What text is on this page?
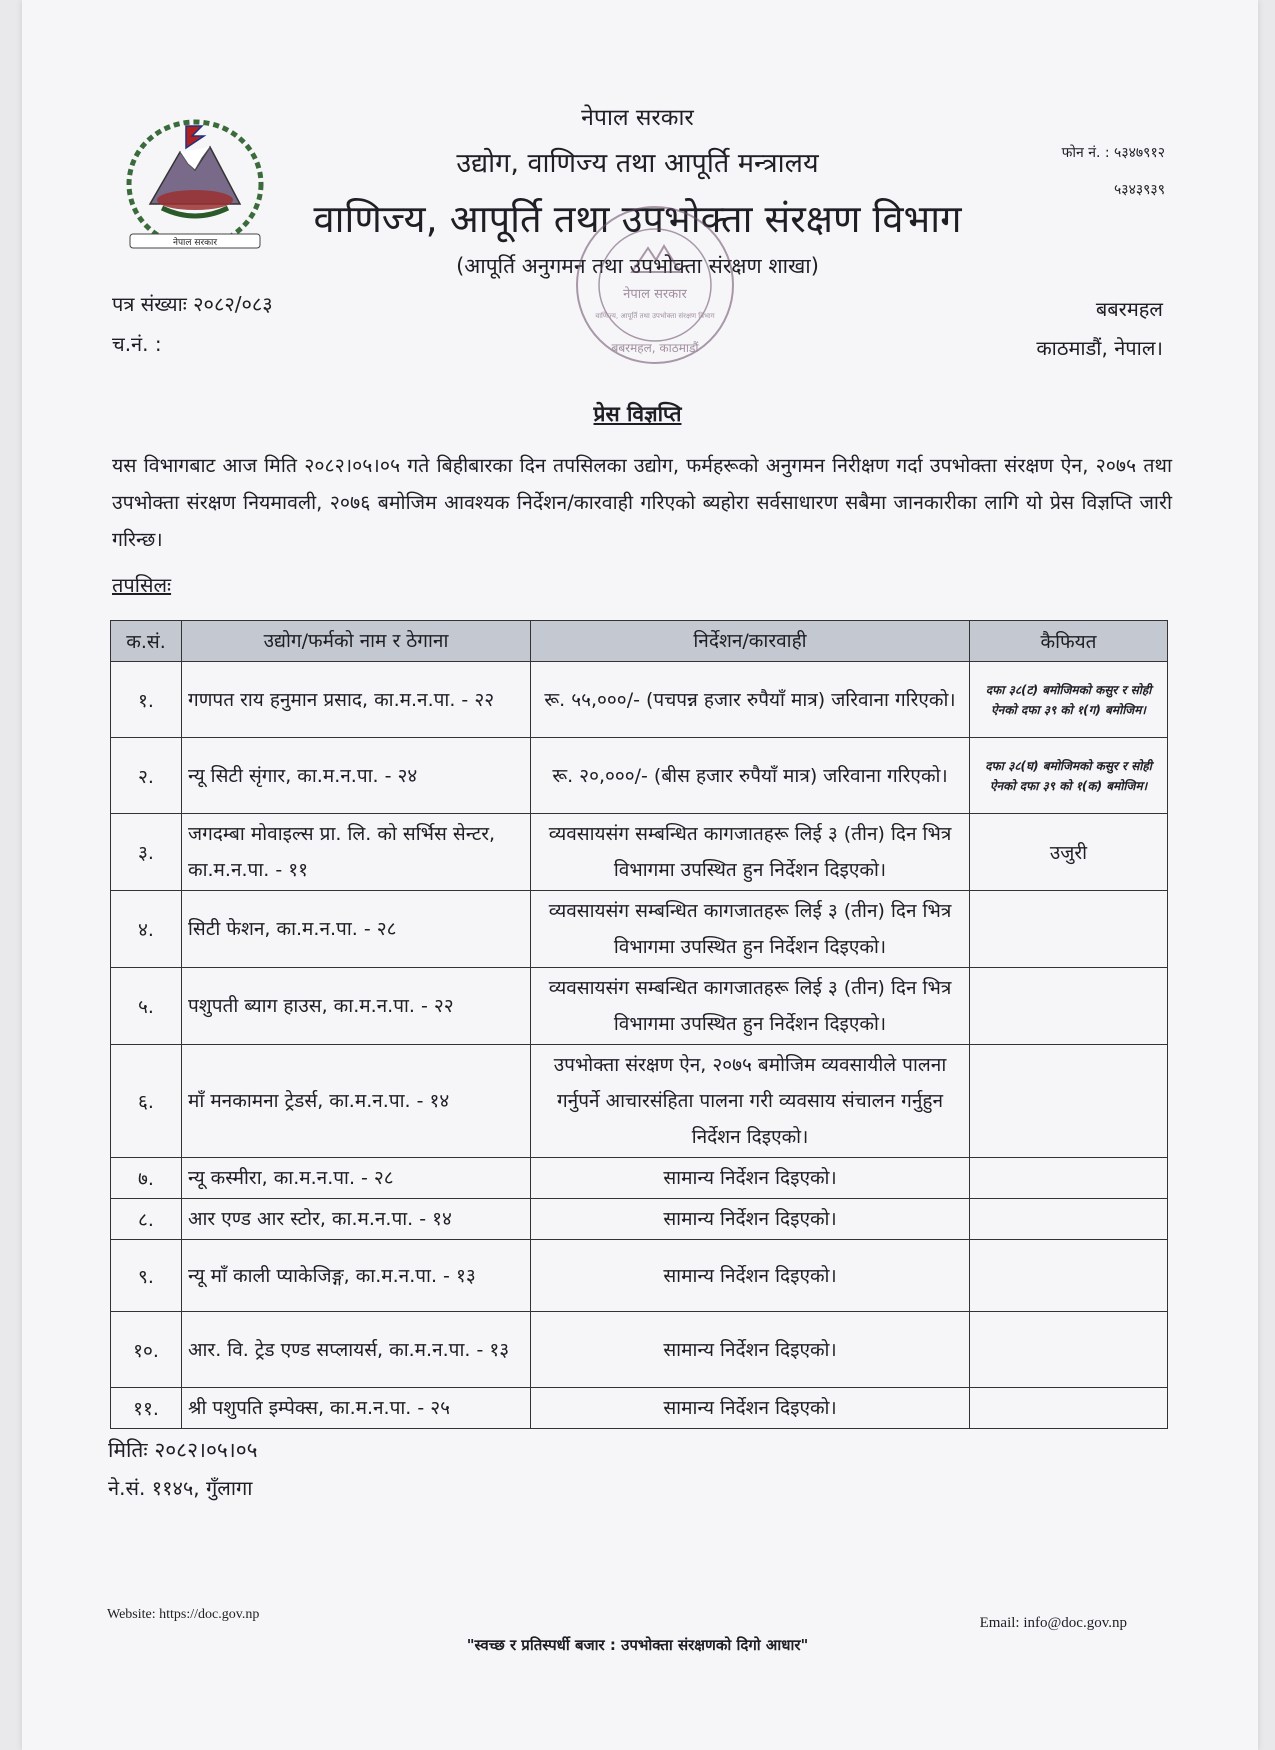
नेपाल सरकार
नेपाल सरकार
उद्योग, वाणिज्य तथा आपूर्ति मन्त्रालय
वाणिज्य, आपूर्ति तथा उपभोक्ता संरक्षण विभाग
(आपूर्ति अनुगमन तथा उपभोक्ता संरक्षण शाखा)
फोन नं. : ५३४७९१२
५३४३९३९
पत्र संख्याः २०८२/०८३
च.नं. :
बबरमहल
काठमाडौं, नेपाल।
नेपाल सरकार
वाणिज्य, आपूर्ति तथा उपभोक्ता संरक्षण विभाग
बबरमहल, काठमाडौं
प्रेस विज्ञप्ति
यस विभागबाट आज मिति २०८२।०५।०५ गते बिहीबारका दिन तपसिलका उद्योग, फर्महरूको अनुगमन निरीक्षण गर्दा उपभोक्ता संरक्षण ऐन, २०७५ तथा उपभोक्ता संरक्षण नियमावली, २०७६ बमोजिम आवश्यक निर्देशन/कारवाही गरिएको ब्यहोरा सर्वसाधारण सबैमा जानकारीका लागि यो प्रेस विज्ञप्ति जारी गरिन्छ।
तपसिलः
क.सं.	उद्योग/फर्मको नाम र ठेगाना	निर्देशन/कारवाही	कैफियत
१.	गणपत राय हनुमान प्रसाद, का.म.न.पा. - २२	रू. ५५,०००/- (पचपन्न हजार रुपैयाँ मात्र) जरिवाना गरिएको।	दफा ३८(ट) बमोजिमको कसुर र सोही ऐनको दफा ३९ को १(ग) बमोजिम।
२.	न्यू सिटी सृंगार, का.म.न.पा. - २४	रू. २०,०००/- (बीस हजार रुपैयाँ मात्र) जरिवाना गरिएको।	दफा ३८(घ) बमोजिमको कसुर र सोही ऐनको दफा ३९ को १(क) बमोजिम।
३.	जगदम्बा मोवाइल्स प्रा. लि. को सर्भिस सेन्टर, का.म.न.पा. - ११	व्यवसायसंग सम्बन्धित कागजातहरू लिई ३ (तीन) दिन भित्र विभागमा उपस्थित हुन निर्देशन दिइएको।	उजुरी
४.	सिटी फेशन, का.म.न.पा. - २८	व्यवसायसंग सम्बन्धित कागजातहरू लिई ३ (तीन) दिन भित्र विभागमा उपस्थित हुन निर्देशन दिइएको।	
५.	पशुपती ब्याग हाउस, का.म.न.पा. - २२	व्यवसायसंग सम्बन्धित कागजातहरू लिई ३ (तीन) दिन भित्र विभागमा उपस्थित हुन निर्देशन दिइएको।	
६.	माँ मनकामना ट्रेडर्स, का.म.न.पा. - १४	उपभोक्ता संरक्षण ऐन, २०७५ बमोजिम व्यवसायीले पालना गर्नुपर्ने आचारसंहिता पालना गरी व्यवसाय संचालन गर्नुहुन निर्देशन दिइएको।	
७.	न्यू कस्मीरा, का.म.न.पा. - २८	सामान्य निर्देशन दिइएको।	
८.	आर एण्ड आर स्टोर, का.म.न.पा. - १४	सामान्य निर्देशन दिइएको।	
९.	न्यू माँ काली प्याकेजिङ्ग, का.म.न.पा. - १३	सामान्य निर्देशन दिइएको।	
१०.	आर. वि. ट्रेड एण्ड सप्लायर्स, का.म.न.पा. - १३	सामान्य निर्देशन दिइएको।	
११.	श्री पशुपति इम्पेक्स, का.म.न.पा. - २५	सामान्य निर्देशन दिइएको।	
मितिः २०८२।०५।०५
ने.सं. ११४५, गुँलागा
Website: https://doc.gov.np
Email: info@doc.gov.np
"स्वच्छ र प्रतिस्पर्धी बजार : उपभोक्ता संरक्षणको दिगो आधार"
